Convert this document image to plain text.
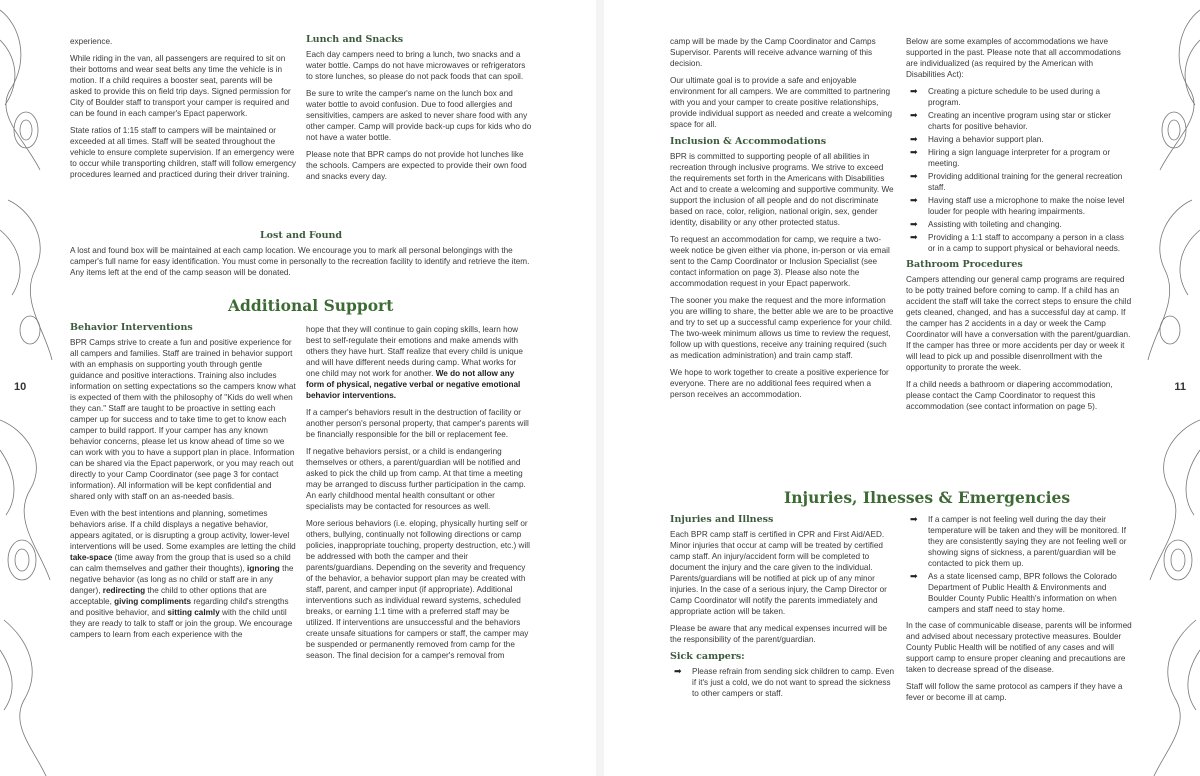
10

experience.

While riding in the van, all passengers are required to sit on their bottoms and wear seat belts any time the vehicle is in motion. If a child requires a booster seat, parents will be asked to provide this on field trip days. Signed permission for City of Boulder staff to transport your camper is required and can be found in each camper's Epact paperwork.

State ratios of 1:15 staff to campers will be maintained or exceeded at all times. Staff will be seated throughout the vehicle to ensure complete supervision. If an emergency were to occur while transporting children, staff will follow emergency procedures learned and practiced during their driver training.

Lunch and Snacks

Each day campers need to bring a lunch, two snacks and a water bottle. Camps do not have microwaves or refrigerators to store lunches, so please do not pack foods that can spoil.

Be sure to write the camper's name on the lunch box and water bottle to avoid confusion. Due to food allergies and sensitivities, campers are asked to never share food with any other camper. Camp will provide back-up cups for kids who do not have a water bottle.

Please note that BPR camps do not provide hot lunches like the schools. Campers are expected to provide their own food and snacks every day.

Lost and Found

A lost and found box will be maintained at each camp location. We encourage you to mark all personal belongings with the camper's full name for easy identification. You must come in personally to the recreation facility to identify and retrieve the item. Any items left at the end of the camp season will be donated.

Additional Support
Behavior Interventions

BPR Camps strive to create a fun and positive experience for all campers and families. Staff are trained in behavior support with an emphasis on supporting youth through gentle guidance and positive interactions. Training also includes information on setting expectations so the campers know what is expected of them with the philosophy of "Kids do well when they can." Staff are taught to be proactive in setting each camper up for success and to take time to get to know each camper to build rapport. If your camper has any known behavior concerns, please let us know ahead of time so we can work with you to have a support plan in place. Information can be shared via the Epact paperwork, or you may reach out directly to your Camp Coordinator (see page 3 for contact information). All information will be kept confidential and shared only with staff on an as-needed basis.

Even with the best intentions and planning, sometimes behaviors arise. If a child displays a negative behavior, appears agitated, or is disrupting a group activity, lower-level interventions will be used. Some examples are letting the child take-space (time away from the group that is used so a child can calm themselves and gather their thoughts), ignoring the negative behavior (as long as no child or staff are in any danger), redirecting the child to other options that are acceptable, giving compliments regarding child's strengths and positive behavior, and sitting calmly with the child until they are ready to talk to staff or join the group. We encourage campers to learn from each experience with the

hope that they will continue to gain coping skills, learn how best to self-regulate their emotions and make amends with others they have hurt. Staff realize that every child is unique and will have different needs during camp. What works for one child may not work for another. We do not allow any form of physical, negative verbal or negative emotional behavior interventions.

If a camper's behaviors result in the destruction of facility or another person's personal property, that camper's parents will be financially responsible for the bill or replacement fee.

If negative behaviors persist, or a child is endangering themselves or others, a parent/guardian will be notified and asked to pick the child up from camp. At that time a meeting may be arranged to discuss further participation in the camp. An early childhood mental health consultant or other specialists may be contacted for resources as well.

More serious behaviors (i.e. eloping, physically hurting self or others, bullying, continually not following directions or camp policies, inappropriate touching, property destruction, etc.) will be addressed with both the camper and their parents/guardians. Depending on the severity and frequency of the behavior, a behavior support plan may be created with staff, parent, and camper input (if appropriate). Additional interventions such as individual reward systems, scheduled breaks, or earning 1:1 time with a preferred staff may be utilized. If interventions are unsuccessful and the behaviors create unsafe situations for campers or staff, the camper may be suspended or permanently removed from camp for the season. The final decision for a camper's removal from

11

camp will be made by the Camp Coordinator and Camps Supervisor. Parents will receive advance warning of this decision.

Our ultimate goal is to provide a safe and enjoyable environment for all campers. We are committed to partnering with you and your camper to create positive relationships, provide individual support as needed and create a welcoming space for all.

Inclusion & Accommodations

BPR is committed to supporting people of all abilities in recreation through inclusive programs. We strive to exceed the requirements set forth in the Americans with Disabilities Act and to create a welcoming and supportive community. We support the inclusion of all people and do not discriminate based on race, color, religion, national origin, sex, gender identity, disability or any other protected status.

To request an accommodation for camp, we require a two-week notice be given either via phone, in-person or via email sent to the Camp Coordinator or Inclusion Specialist (see contact information on page 3). Please also note the accommodation request in your Epact paperwork.

The sooner you make the request and the more information you are willing to share, the better able we are to be proactive and try to set up a successful camp experience for your child. The two-week minimum allows us time to review the request, follow up with questions, receive any training required (such as medication administration) and train camp staff.

We hope to work together to create a positive experience for everyone. There are no additional fees required when a person receives an accommodation.

Below are some examples of accommodations we have supported in the past. Please note that all accommodations are individualized (as required by the American with Disabilities Act):

➡ Creating a picture schedule to be used during a program.
➡ Creating an incentive program using star or sticker charts for positive behavior.
➡ Having a behavior support plan.
➡ Hiring a sign language interpreter for a program or meeting.
➡ Providing additional training for the general recreation staff.
➡ Having staff use a microphone to make the noise level louder for people with hearing impairments.
➡ Assisting with toileting and changing.
➡ Providing a 1:1 staff to accompany a person in a class or in a camp to support physical or behavioral needs.
Bathroom Procedures

Campers attending our general camp programs are required to be potty trained before coming to camp. If a child has an accident the staff will take the correct steps to ensure the child gets cleaned, changed, and has a successful day at camp. If the camper has 2 accidents in a day or week the Camp Coordinator will have a conversation with the parent/guardian. If the camper has three or more accidents per day or week it will lead to pick up and possible disenrollment with the opportunity to prorate the week.

If a child needs a bathroom or diapering accommodation, please contact the Camp Coordinator to request this accommodation (see contact information on page 5).

Injuries, Ilnesses & Emergencies
Injuries and Illness

Each BPR camp staff is certified in CPR and First Aid/AED. Minor injuries that occur at camp will be treated by certified camp staff. An injury/accident form will be completed to document the injury and the care given to the individual. Parents/guardians will be notified at pick up of any minor injuries. In the case of a serious injury, the Camp Director or Camp Coordinator will notify the parents immediately and appropriate action will be taken.

Please be aware that any medical expenses incurred will be the responsibility of the parent/guardian.

Sick campers:
➡ Please refrain from sending sick children to camp. Even if it's just a cold, we do not want to spread the sickness to other campers or staff.
➡ If a camper is not feeling well during the day their temperature will be taken and they will be monitored. If they are consistently saying they are not feeling well or showing signs of sickness, a parent/guardian will be contacted to pick them up.
➡ As a state licensed camp, BPR follows the Colorado Department of Public Health & Environments and Boulder County Public Health's information on when campers and staff need to stay home.

In the case of communicable disease, parents will be informed and advised about necessary protective measures. Boulder County Public Health will be notified of any cases and will support camp to ensure proper cleaning and precautions are taken to decrease spread of the disease.

Staff will follow the same protocol as campers if they have a fever or become ill at camp.
